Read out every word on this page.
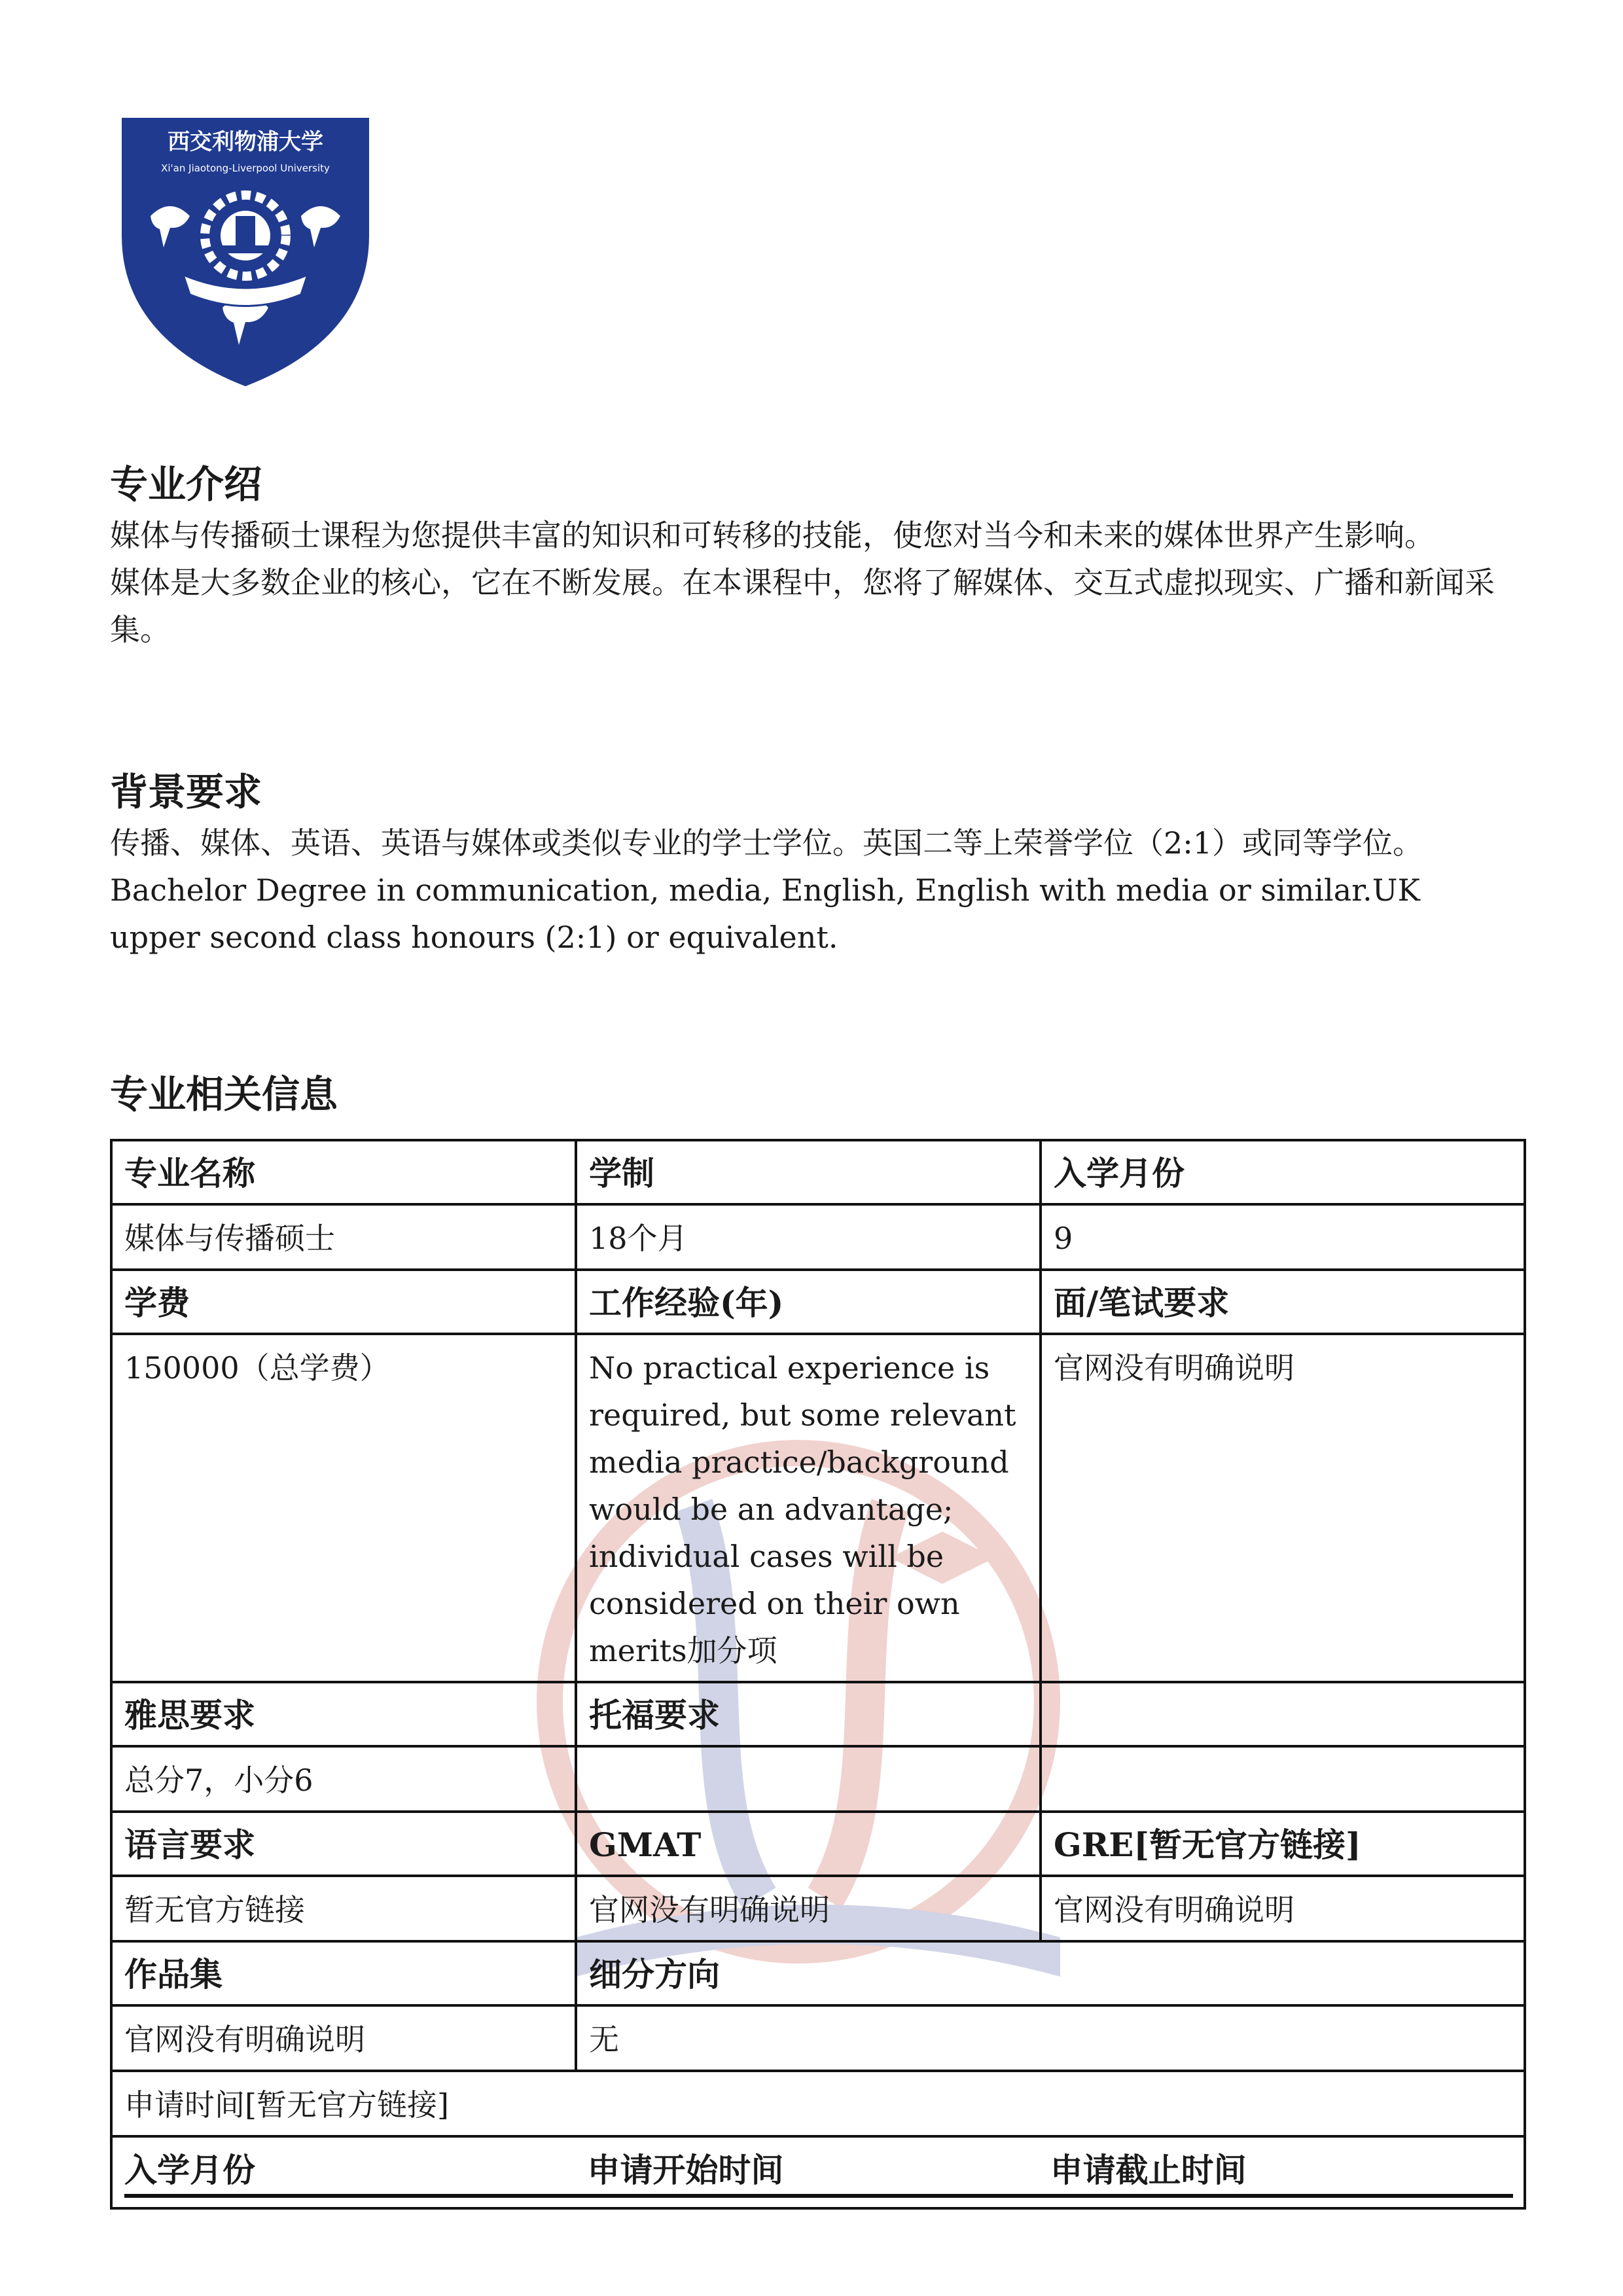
西交利物浦大学
Xi'an Jiaotong-Liverpool University
专业介绍

媒体与传播硕士课程为您提供丰富的知识和可转移的技能，使您对当今和未来的媒体世界产生影响。

媒体是大多数企业的核心，它在不断发展。在本课程中，您将了解媒体、交互式虚拟现实、广播和新闻采集。

背景要求

传播、媒体、英语、英语与媒体或类似专业的学士学位。英国二等上荣誉学位（2:1）或同等学位。

Bachelor Degree in communication, media, English, English with media or similar.UK upper second class honours (2:1) or equivalent.

专业相关信息
专业名称	学制	入学月份
媒体与传播硕士	18个月	9
学费	工作经验(年)	面/笔试要求
150000（总学费）	No practical experience is required, but some relevant media practice/background would be an advantage; individual cases will be considered on their own merits加分项	官网没有明确说明
雅思要求	托福要求	
总分7，小分6		
语言要求	GMAT	GRE[暂无官方链接]
暂无官方链接	官网没有明确说明	官网没有明确说明
作品集	细分方向	
官网没有明确说明	无	
申请时间[暂无官方链接]		

入学月份 申请开始时间 申请截止时间		
